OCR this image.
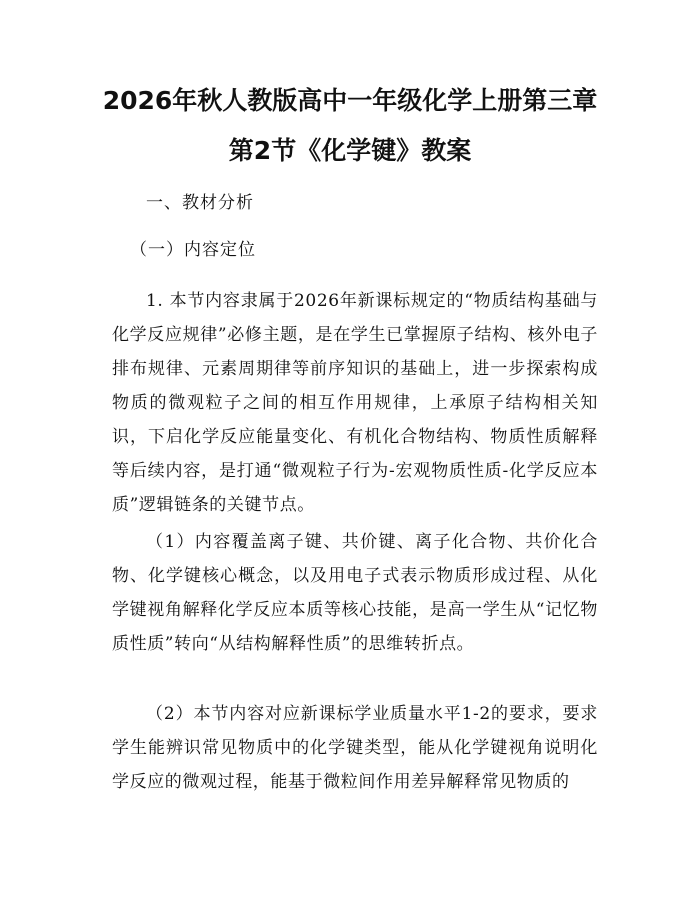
2026年秋人教版高中一年级化学上册第三章
第2节《化学键》教案
一、教材分析
（一）内容定位
1. 本节内容隶属于2026年新课标规定的“物质结构基础与化学反应规律”必修主题，是在学生已掌握原子结构、核外电子排布规律、元素周期律等前序知识的基础上，进一步探索构成物质的微观粒子之间的相互作用规律，上承原子结构相关知识，下启化学反应能量变化、有机化合物结构、物质性质解释等后续内容，是打通“微观粒子行为-宏观物质性质-化学反应本质”逻辑链条的关键节点。
（1）内容覆盖离子键、共价键、离子化合物、共价化合物、化学键核心概念，以及用电子式表示物质形成过程、从化学键视角解释化学反应本质等核心技能，是高一学生从“记忆物质性质”转向“从结构解释性质”的思维转折点。
（2）本节内容对应新课标学业质量水平1-2的要求，要求学生能辨识常见物质中的化学键类型，能从化学键视角说明化学反应的微观过程，能基于微粒间作用差异解释常见物质的
